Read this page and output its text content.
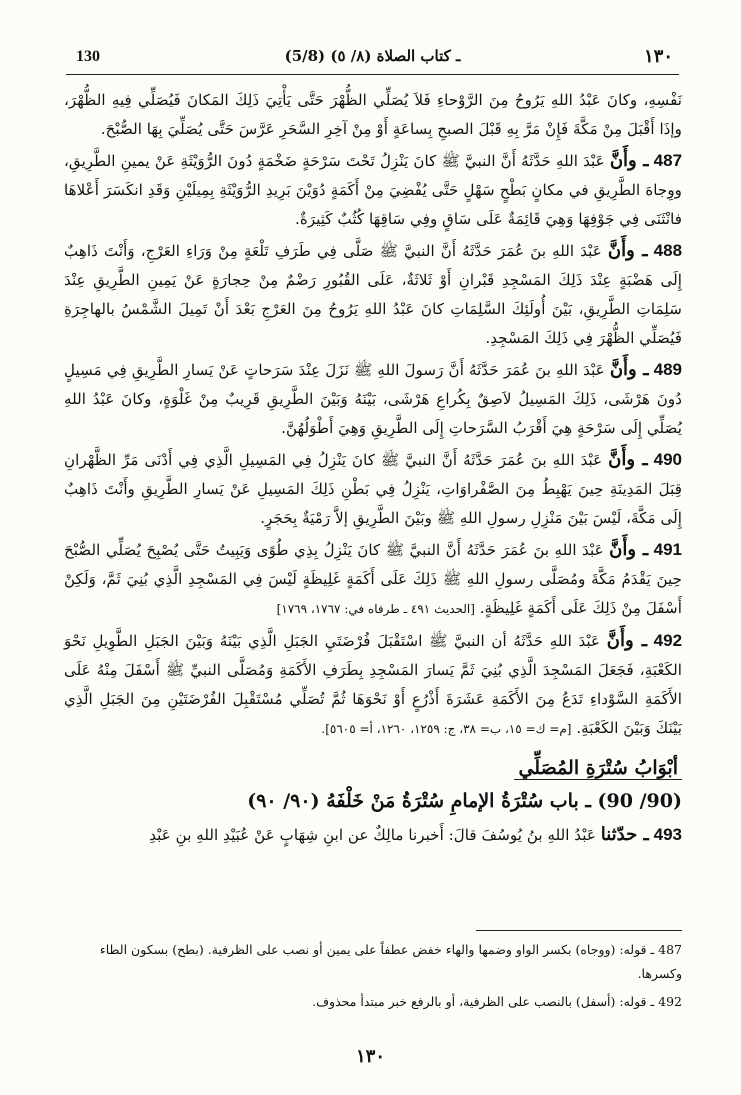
130	(5/8) ـ كتاب الصلاة (٨/ ٥)	١٣٠

نَفْسِهِ، وكانَ عَبْدُ اللهِ يَرُوحُ مِنَ الرَّوْحاءِ فَلاَ يُصَلِّي الظُّهْرَ حَتَّى يَأْتِيَ ذَلِكَ المَكانَ فَيُصَلِّي فِيهِ الظُّهْرَ، وإذَا أَقْبَلَ مِنْ مَكَّةَ فَإِنْ مَرَّ بِهِ قَبْلَ الصبحِ بِساعَةٍ أَوْ مِنْ آخِرِ السَّحَرِ عَرَّسَ حَتَّى يُصَلِّيَ بِهَا الصُّبْحَ.

487 ـ وأَنَّ عَبْدَ اللهِ حَدَّثَهُ أَنَّ النبيَّ ﷺ كانَ يَنْزِلُ تَحْتَ سَرْحَةٍ ضَخْمَةٍ دُونَ الرُّوَيْثَةِ عَنْ يمينِ الطَّرِيقِ، ووِجاهَ الطَّرِيقِ في مكانٍ بَطْحٍ سَهْلٍ حَتَّى يُفْضِيَ مِنْ أَكَمَةٍ دُوَيْنَ بَرِيدِ الرُّوَيْثَةِ بِمِيلَيْنِ وَقَدِ انكَسَرَ أَعْلاهَا فانْثَنَى فِي جَوْفِهَا وَهِيَ قَائِمَةٌ عَلَى سَاقٍ وفِي سَاقِهَا كُثُبٌ كَثِيرَةٌ.

488 ـ وأَنَّ عَبْدَ اللهِ بنَ عُمَرَ حَدَّثَهُ أَنَّ النبيَّ ﷺ صَلَّى فِي طَرَفِ تَلْعَةٍ مِنْ وَرَاءِ العَرْجِ، وَأَنْتَ ذَاهِبٌ إِلَى هَضْبَةٍ عِنْدَ ذَلِكَ المَسْجِدِ قَبْرانِ أَوْ ثَلاثَةٌ، عَلَى القُبُورِ رَضْمٌ مِنْ حِجارَةٍ عَنْ يَمِينِ الطَّرِيقِ عِنْدَ سَلِمَاتِ الطَّرِيقِ، بَيْنَ أُولَئِكَ السَّلِمَاتِ كانَ عَبْدُ اللهِ يَرُوحُ مِنَ العَرْجِ بَعْدَ أَنْ تَمِيلَ الشَّمْسُ بالهاجِرَةِ فَيُصَلِّي الظُّهْرَ فِي ذَلِكَ المَسْجِدِ.

489 ـ وأَنَّ عَبْدَ اللهِ بنَ عُمَرَ حَدَّثَهُ أَنَّ رَسولَ اللهِ ﷺ نَزَلَ عِنْدَ سَرَحاتٍ عَنْ يَسارِ الطَّرِيقِ فِي مَسِيلٍ دُونَ هَرْشَى، ذَلِكَ المَسِيلُ لاَصِقٌ بِكُراعِ هَرْشَى، بَيْنَهُ وَبَيْنَ الطَّرِيقِ قَرِيبٌ مِنْ غَلْوَةٍ، وكانَ عَبْدُ اللهِ يُصَلِّي إِلَى سَرْحَةٍ هِيَ أَقْرَبُ السَّرَحاتِ إِلَى الطَّرِيقِ وَهِيَ أَطْوَلُهُنَّ.

490 ـ وأَنَّ عَبْدَ اللهِ بنَ عُمَرَ حَدَّثَهُ أَنَّ النبيَّ ﷺ كانَ يَنْزِلُ فِي المَسِيلِ الَّذِي فِي أَدْنَى مَرِّ الظَّهْرانِ قِبَلَ المَدِينَةِ حِينَ يَهْبِطُ مِنَ الصَّفْراوَاتِ، يَنْزِلُ فِي بَطْنِ ذَلِكَ المَسِيلِ عَنْ يَسارِ الطَّرِيقِ وأَنْتَ ذَاهِبٌ إِلَى مَكَّةَ، لَيْسَ بَيْنَ مَنْزِلِ رسولِ اللهِ ﷺ وبَيْنَ الطَّرِيقِ إلاَّ رَمْيَةٌ بِحَجَرٍ.

491 ـ وأَنَّ عَبْدَ اللهِ بنَ عُمَرَ حَدَّثَهُ أَنَّ النبيَّ ﷺ كانَ يَنْزِلُ بِذِي طُوًى وَيَبِيتُ حَتَّى يُصْبِحَ يُصَلِّي الصُّبْحَ حِينَ يَقْدَمُ مَكَّةَ ومُصَلَّى رسولِ اللهِ ﷺ ذَلِكَ عَلَى أَكَمَةٍ غَلِيظَةٍ لَيْسَ فِي المَسْجِدِ الَّذِي بُنِيَ ثَمَّ، وَلَكِنْ أَسْفَلَ مِنْ ذَلِكَ عَلَى أَكَمَةٍ غَلِيظَةٍ. [الحديث ٤٩١ ـ طرفاه في: ١٧٦٧، ١٧٦٩]

492 ـ وأَنَّ عَبْدَ اللهِ حَدَّثَهُ أن النبيَّ ﷺ اسْتَقْبَلَ فُرْضَتَيِ الجَبَلِ الَّذِي بَيْنَهُ وَبَيْنَ الجَبَلِ الطَّوِيلِ نَحْوَ الكَعْبَةِ، فَجَعَلَ المَسْجِدَ الَّذِي بُنِيَ ثَمَّ يَسارَ المَسْجِدِ بِطَرَفِ الأَكَمَةِ وَمُصَلَّى النبيِّ ﷺ أَسْفَلَ مِنْهُ عَلَى الأَكَمَةِ السَّوْداءِ تَدَعُ مِنَ الأَكَمَةِ عَشَرَةَ أَذْرُعٍ أَوْ نَحْوَهَا ثُمَّ تُصَلِّي مُسْتَقْبِلَ الفُرْضَتَيْنِ مِنَ الجَبَلِ الَّذِي بَيْنَكَ وَبَيْنَ الكَعْبَةِ. [م= ك= ١٥، ب= ٣٨، ج: ١٢٥٩، ١٢٦٠، أ= ٥٦٠٥].

أبْوَابُ سُتْرَةِ المُصَلِّي
(90/ 90) ـ باب سُتْرَةُ الإمامِ سُتْرَةُ مَنْ خَلْفَهُ (٩٠/ ٩٠)

493 ـ حدّثنا عَبْدُ اللهِ بنُ يُوسُفَ قالَ: أَخبرنا مالِكٌ عن ابنِ شِهَابٍ عَنْ عُبَيْدِ اللهِ بنِ عَبْدِ

487 ـ قوله: (ووجاه) بكسر الواو وضمها والهاء خفض عطفاً على يمين أو نصب على الظرفية. (بطح) بسكون الطاء وكسرها.

492 ـ قوله: (أسفل) بالنصب على الظرفية، أو بالرفع خبر مبتدأ محذوف.

١٣٠
